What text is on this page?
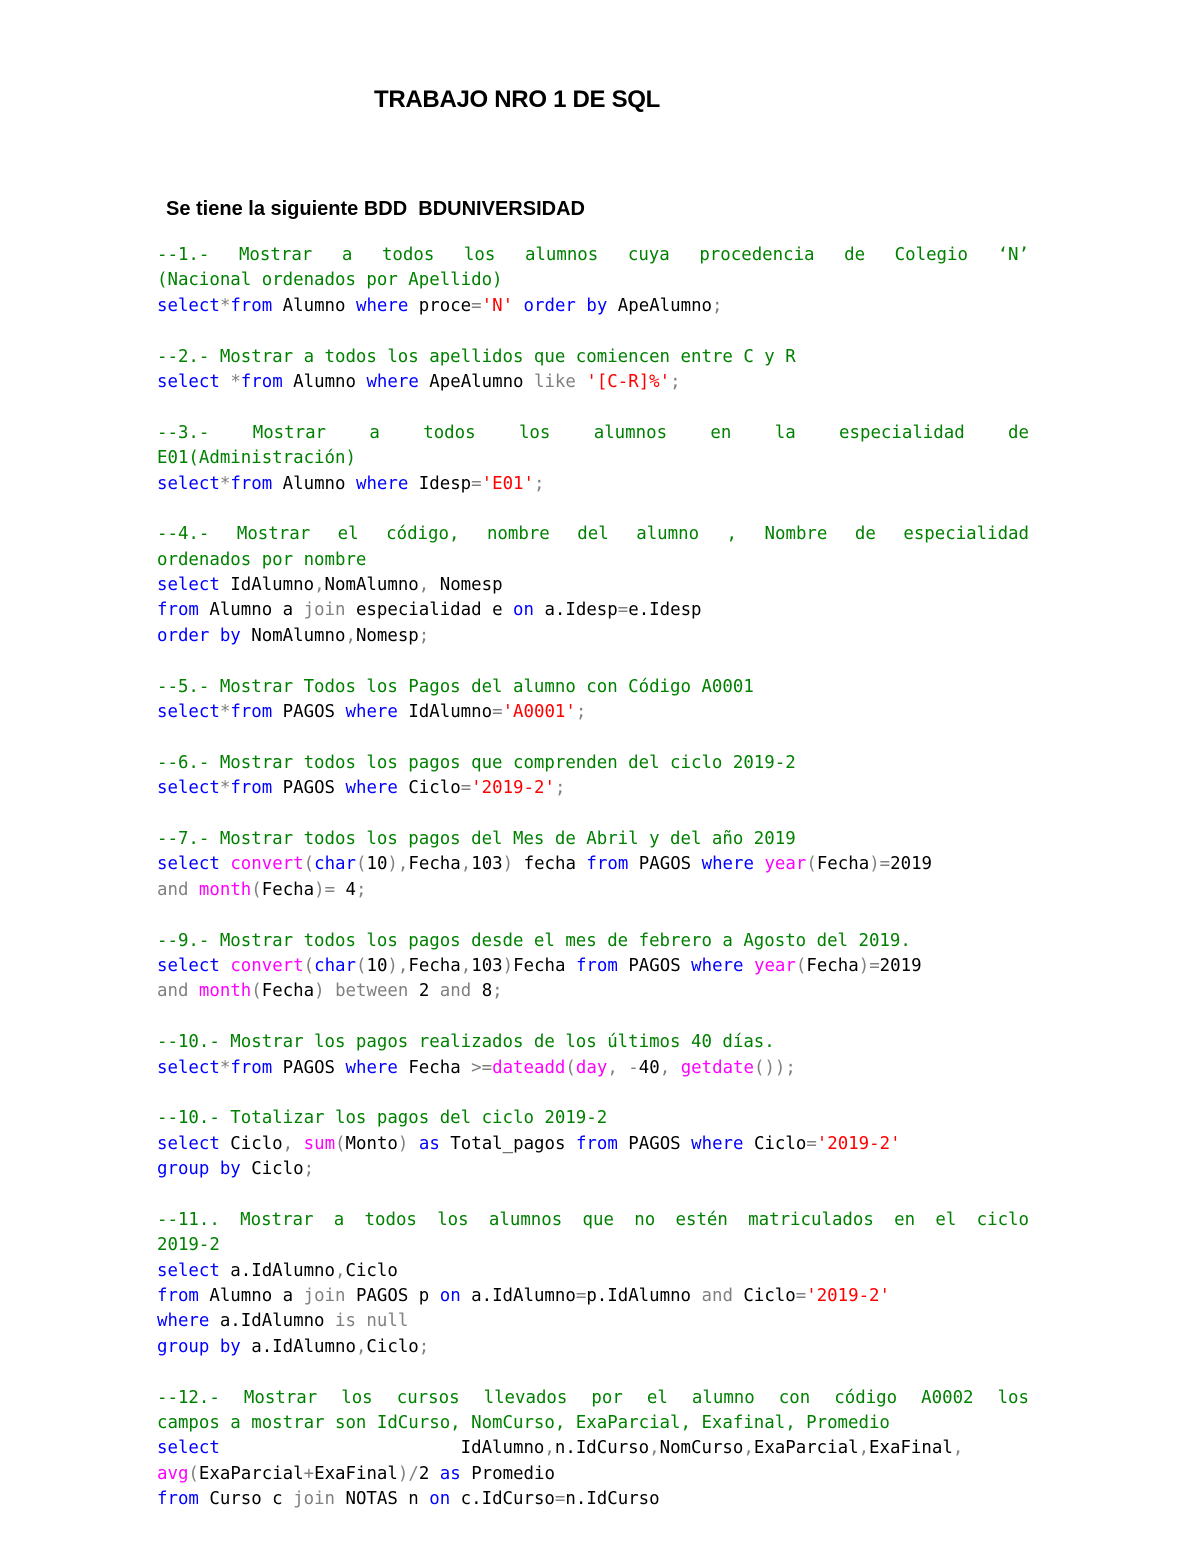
TRABAJO NRO 1 DE SQL
Se tiene la siguiente BDD  BDUNIVERSIDAD
--1.- Mostrar a todos los alumnos cuya procedencia de Colegio ‘N’
(Nacional ordenados por Apellido)
select*from Alumno where proce='N' order by ApeAlumno;
--2.- Mostrar a todos los apellidos que comiencen entre C y R
select *from Alumno where ApeAlumno like '[C-R]%';
--3.- Mostrar a todos los alumnos en la especialidad de
E01(Administración)
select*from Alumno where Idesp='E01';
--4.- Mostrar el código, nombre del alumno , Nombre de especialidad
ordenados por nombre
select IdAlumno,NomAlumno, Nomesp
from Alumno a join especialidad e on a.Idesp=e.Idesp
order by NomAlumno,Nomesp;
--5.- Mostrar Todos los Pagos del alumno con Código A0001
select*from PAGOS where IdAlumno='A0001';
--6.- Mostrar todos los pagos que comprenden del ciclo 2019-2
select*from PAGOS where Ciclo='2019-2';
--7.- Mostrar todos los pagos del Mes de Abril y del año 2019
select convert(char(10),Fecha,103) fecha from PAGOS where year(Fecha)=2019
and month(Fecha)= 4;
--9.- Mostrar todos los pagos desde el mes de febrero a Agosto del 2019.
select convert(char(10),Fecha,103)Fecha from PAGOS where year(Fecha)=2019
and month(Fecha) between 2 and 8;
--10.- Mostrar los pagos realizados de los últimos 40 días.
select*from PAGOS where Fecha >=dateadd(day, -40, getdate());
--10.- Totalizar los pagos del ciclo 2019-2
select Ciclo, sum(Monto) as Total_pagos from PAGOS where Ciclo='2019-2'
group by Ciclo;
--11.. Mostrar a todos los alumnos que no estén matriculados en el ciclo
2019-2
select a.IdAlumno,Ciclo
from Alumno a join PAGOS p on a.IdAlumno=p.IdAlumno and Ciclo='2019-2'
where a.IdAlumno is null
group by a.IdAlumno,Ciclo;
--12.- Mostrar los cursos llevados por el alumno con código A0002 los
campos a mostrar son IdCurso, NomCurso, ExaParcial, Exafinal, Promedio
select                       IdAlumno,n.IdCurso,NomCurso,ExaParcial,ExaFinal,
avg(ExaParcial+ExaFinal)/2 as Promedio
from Curso c join NOTAS n on c.IdCurso=n.IdCurso
